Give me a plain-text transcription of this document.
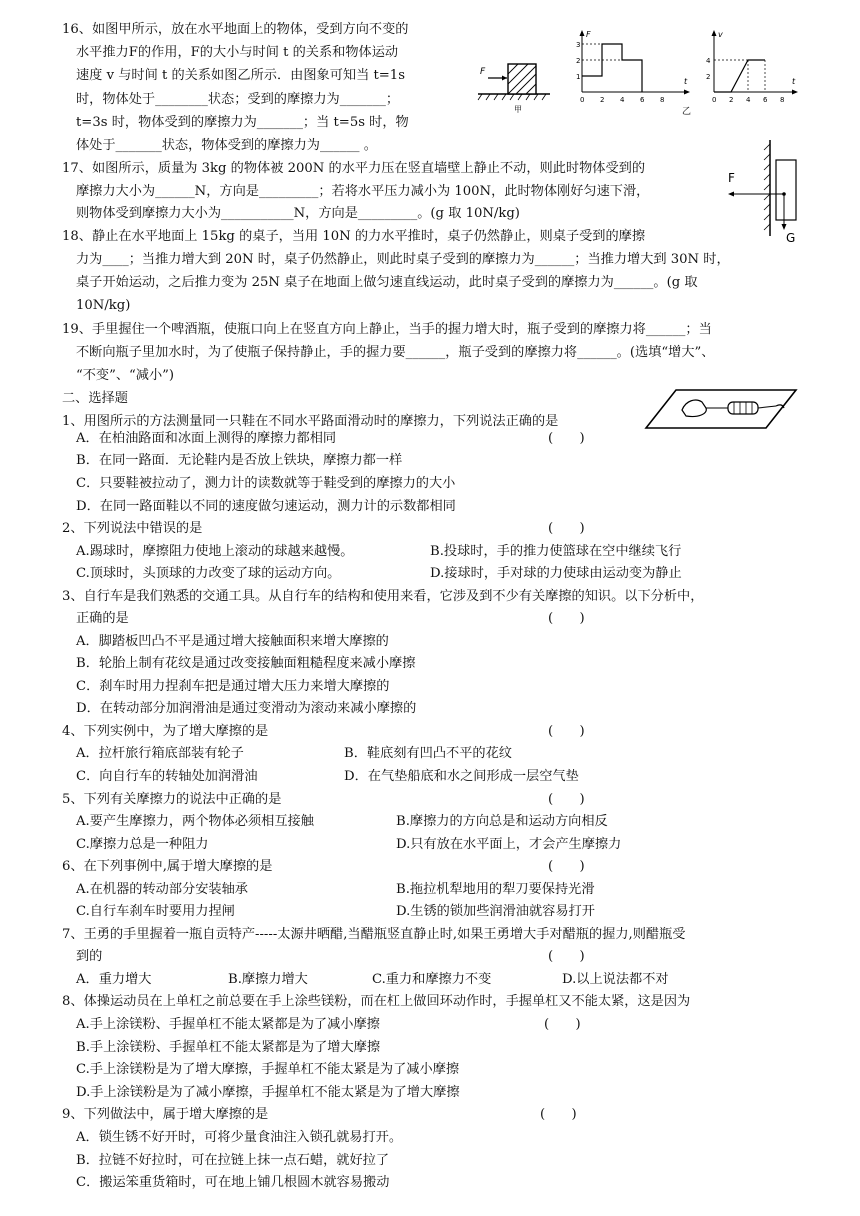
16、如图甲所示，放在水平地面上的物体，受到方向不变的
水平推力F的作用，F的大小与时间 t 的关系和物体运动
速度 v 与时间 t 的关系如图乙所示．由图象可知当 t=1s
时，物体处于________状态；受到的摩擦力为_______；
t=3s 时，物体受到的摩擦力为_______；当 t=5s 时，物
体处于_______状态，物体受到的摩擦力为______ 。
F
甲
F
t
3
2
1
0 2 4 6 8
v
t
4
2
0 2 4 6 8
乙
17、如图所示，质量为 3kg 的物体被 200N 的水平力压在竖直墙壁上静止不动，则此时物体受到的
摩擦力大小为______N，方向是_________；若将水平压力减小为 100N，此时物体刚好匀速下滑，
则物体受到摩擦力大小为___________N，方向是_________。(g 取 10N/kg)
F
G
18、静止在水平地面上 15kg 的桌子，当用 10N 的力水平推时，桌子仍然静止，则桌子受到的摩擦
力为____；当推力增大到 20N 时，桌子仍然静止，则此时桌子受到的摩擦力为______；当推力增大到 30N 时，
桌子开始运动，之后推力变为 25N 桌子在地面上做匀速直线运动，此时桌子受到的摩擦力为______。(g 取
10N/kg)
19、手里握住一个啤酒瓶，使瓶口向上在竖直方向上静止，当手的握力增大时，瓶子受到的摩擦力将______；当
不断向瓶子里加水时，为了使瓶子保持静止，手的握力要______，瓶子受到的摩擦力将______。(选填“增大”、
“不变”、“减小”)
二、选择题
1、用图所示的方法测量同一只鞋在不同水平路面滑动时的摩擦力，下列说法正确的是
(　　)
A．在柏油路面和冰面上测得的摩擦力都相同
B．在同一路面．无论鞋内是否放上铁块，摩擦力都一样
C．只要鞋被拉动了，测力计的读数就等于鞋受到的摩擦力的大小
D．在同一路面鞋以不同的速度做匀速运动，测力计的示数都相同
2、下列说法中错误的是	(　　)
A.踢球时，摩擦阻力使地上滚动的球越来越慢。	B.投球时，手的推力使篮球在空中继续飞行
C.顶球时，头顶球的力改变了球的运动方向。	D.接球时，手对球的力使球由运动变为静止
3、自行车是我们熟悉的交通工具。从自行车的结构和使用来看，它涉及到不少有关摩擦的知识。以下分析中，
正确的是	(　　)
A．脚踏板凹凸不平是通过增大接触面积来增大摩擦的
B．轮胎上制有花纹是通过改变接触面粗糙程度来减小摩擦
C．刹车时用力捏刹车把是通过增大压力来增大摩擦的
D．在转动部分加润滑油是通过变滑动为滚动来减小摩擦的
4、下列实例中，为了增大摩擦的是	(　　)
A．拉杆旅行箱底部装有轮子	B．鞋底刻有凹凸不平的花纹
C．向自行车的转轴处加润滑油	D．在气垫船底和水之间形成一层空气垫
5、下列有关摩擦力的说法中正确的是	(　　)
A.要产生摩擦力，两个物体必须相互接触	B.摩擦力的方向总是和运动方向相反
C.摩擦力总是一种阻力	D.只有放在水平面上，才会产生摩擦力
6、在下列事例中,属于增大摩擦的是	(　　)
A.在机器的转动部分安装轴承	B.拖拉机犁地用的犁刀要保持光滑
C.自行车刹车时要用力捏闸	D.生锈的锁加些润滑油就容易打开
7、王勇的手里握着一瓶自贡特产-----太源井晒醋,当醋瓶竖直静止时,如果王勇增大手对醋瓶的握力,则醋瓶受
到的	(　　)
A．重力增大	B.摩擦力增大	C.重力和摩擦力不变	D.以上说法都不对
8、体操运动员在上单杠之前总要在手上涂些镁粉，而在杠上做回环动作时，手握单杠又不能太紧，这是因为
(　　)
A.手上涂镁粉、手握单杠不能太紧都是为了减小摩擦
B.手上涂镁粉、手握单杠不能太紧都是为了增大摩擦
C.手上涂镁粉是为了增大摩擦，手握单杠不能太紧是为了减小摩擦
D.手上涂镁粉是为了减小摩擦，手握单杠不能太紧是为了增大摩擦
9、下列做法中，属于增大摩擦的是	(　　)
A．锁生锈不好开时，可将少量食油注入锁孔就易打开。
B．拉链不好拉时，可在拉链上抹一点石蜡，就好拉了
C．搬运笨重货箱时，可在地上铺几根圆木就容易搬动
